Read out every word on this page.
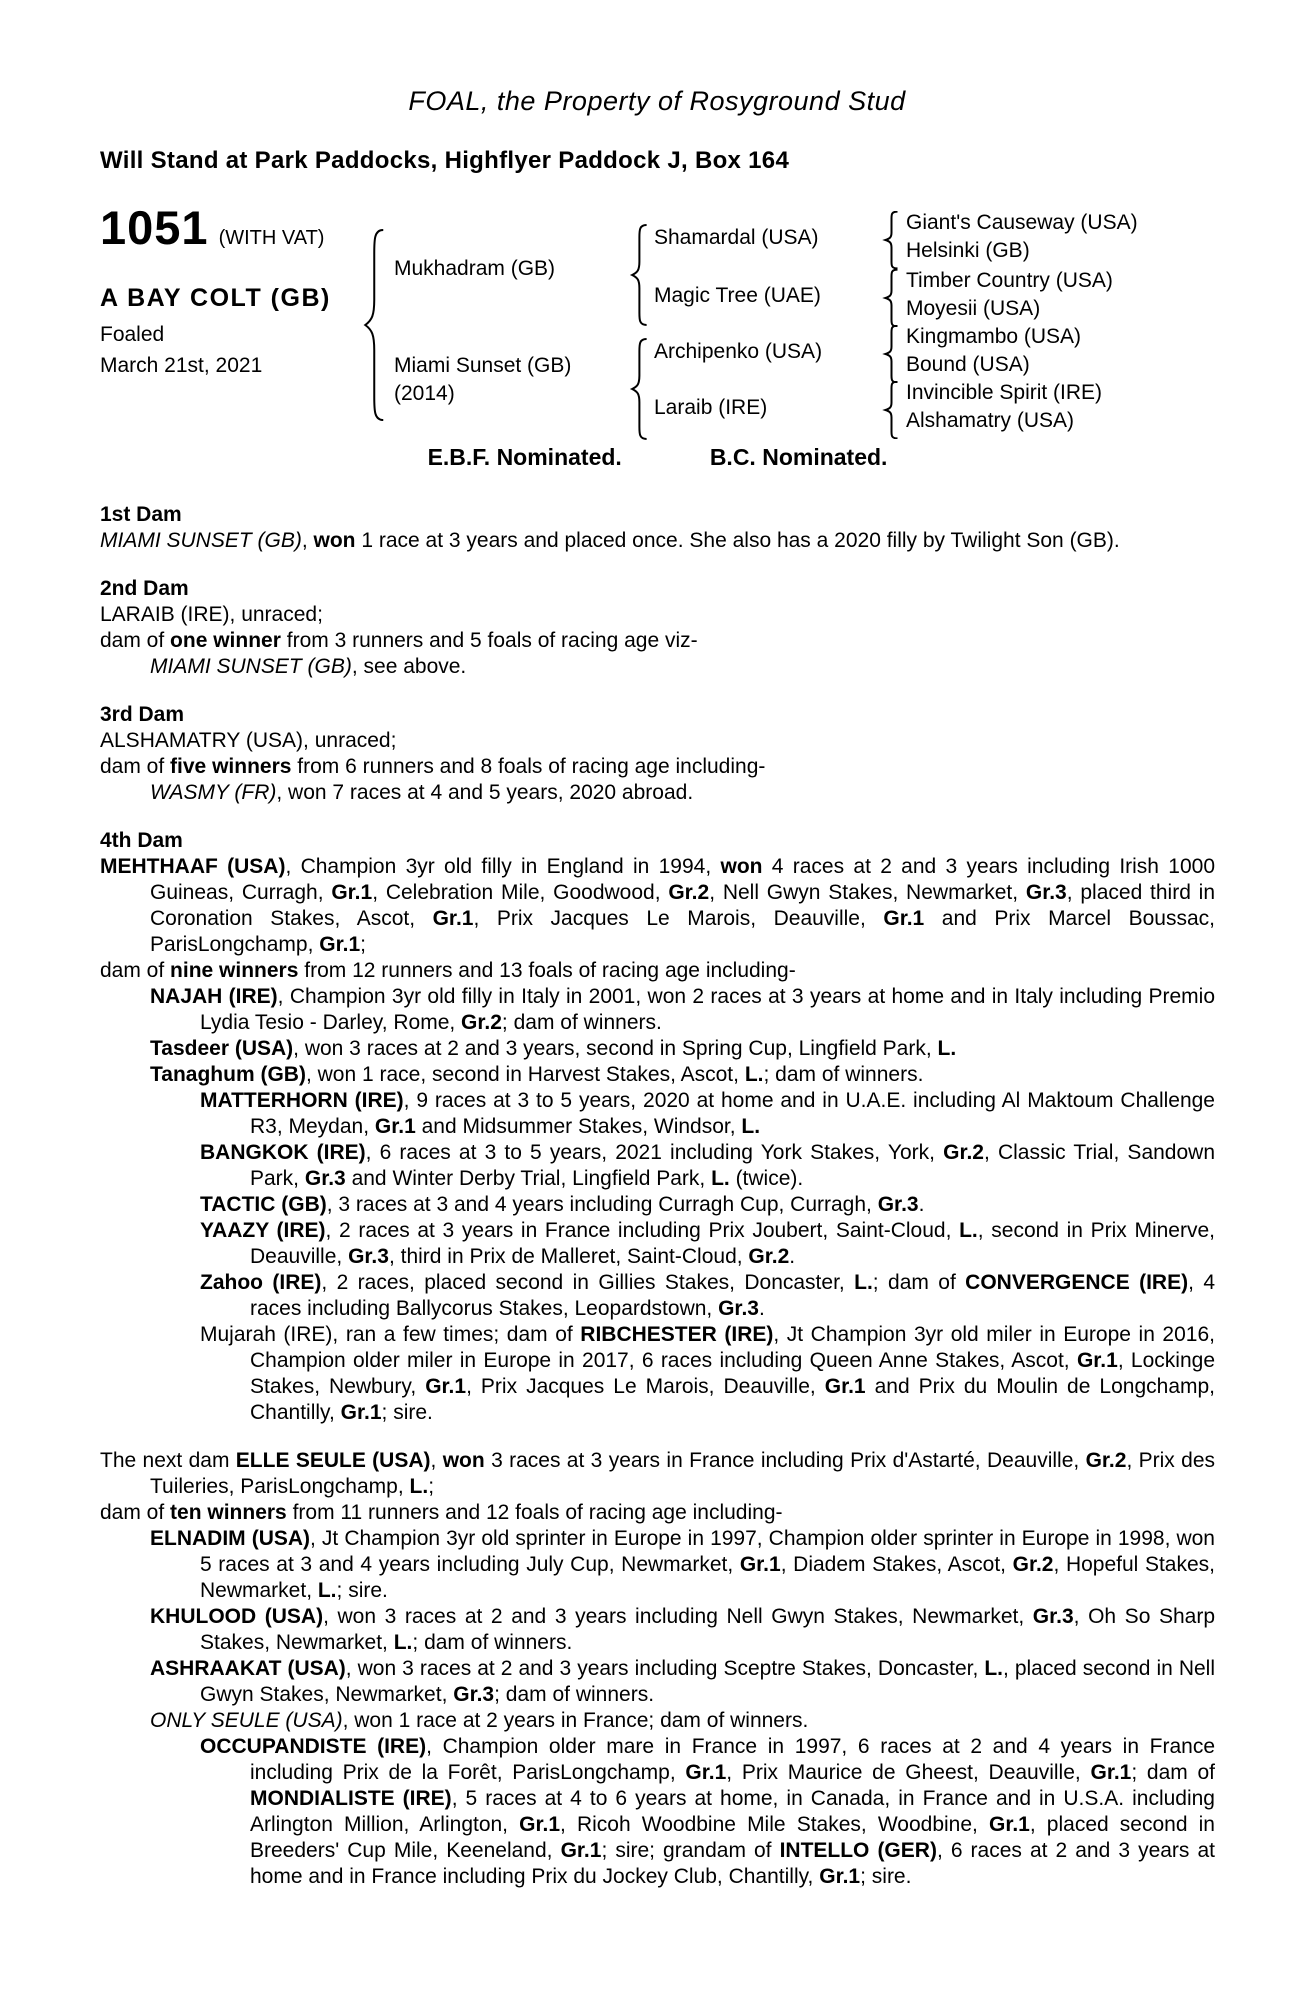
FOAL, the Property of Rosyground Stud
Will Stand at Park Paddocks, Highflyer Paddock J, Box 164
1051 (WITH VAT)
A BAY COLT (GB)
Foaled
March 21st, 2021
Mukhadram (GB)
Miami Sunset (GB)
(2014)
Shamardal (USA)
Magic Tree (UAE)
Archipenko (USA)
Laraib (IRE)
Giant's Causeway (USA)
Helsinki (GB)
Timber Country (USA)
Moyesii (USA)
Kingmambo (USA)
Bound (USA)
Invincible Spirit (IRE)
Alshamatry (USA)
E.B.F. Nominated.	B.C. Nominated.
1st Dam

MIAMI SUNSET (GB), won 1 race at 3 years and placed once. She also has a 2020 filly by Twilight Son (GB).

2nd Dam

LARAIB (IRE), unraced;

dam of one winner from 3 runners and 5 foals of racing age viz-

MIAMI SUNSET (GB), see above.

3rd Dam

ALSHAMATRY (USA), unraced;

dam of five winners from 6 runners and 8 foals of racing age including-

WASMY (FR), won 7 races at 4 and 5 years, 2020 abroad.

4th Dam

MEHTHAAF (USA), Champion 3yr old filly in England in 1994, won 4 races at 2 and 3 years including Irish 1000 Guineas, Curragh, Gr.1, Celebration Mile, Goodwood, Gr.2, Nell Gwyn Stakes, Newmarket, Gr.3, placed third in Coronation Stakes, Ascot, Gr.1, Prix Jacques Le Marois, Deauville, Gr.1 and Prix Marcel Boussac, ParisLongchamp, Gr.1;

dam of nine winners from 12 runners and 13 foals of racing age including-

NAJAH (IRE), Champion 3yr old filly in Italy in 2001, won 2 races at 3 years at home and in Italy including Premio Lydia Tesio - Darley, Rome, Gr.2; dam of winners.

Tasdeer (USA), won 3 races at 2 and 3 years, second in Spring Cup, Lingfield Park, L.

Tanaghum (GB), won 1 race, second in Harvest Stakes, Ascot, L.; dam of winners.

MATTERHORN (IRE), 9 races at 3 to 5 years, 2020 at home and in U.A.E. including Al Maktoum Challenge R3, Meydan, Gr.1 and Midsummer Stakes, Windsor, L.

BANGKOK (IRE), 6 races at 3 to 5 years, 2021 including York Stakes, York, Gr.2, Classic Trial, Sandown Park, Gr.3 and Winter Derby Trial, Lingfield Park, L. (twice).

TACTIC (GB), 3 races at 3 and 4 years including Curragh Cup, Curragh, Gr.3.

YAAZY (IRE), 2 races at 3 years in France including Prix Joubert, Saint-Cloud, L., second in Prix Minerve, Deauville, Gr.3, third in Prix de Malleret, Saint-Cloud, Gr.2.

Zahoo (IRE), 2 races, placed second in Gillies Stakes, Doncaster, L.; dam of CONVERGENCE (IRE), 4 races including Ballycorus Stakes, Leopardstown, Gr.3.

Mujarah (IRE), ran a few times; dam of RIBCHESTER (IRE), Jt Champion 3yr old miler in Europe in 2016, Champion older miler in Europe in 2017, 6 races including Queen Anne Stakes, Ascot, Gr.1, Lockinge Stakes, Newbury, Gr.1, Prix Jacques Le Marois, Deauville, Gr.1 and Prix du Moulin de Longchamp, Chantilly, Gr.1; sire.

The next dam ELLE SEULE (USA), won 3 races at 3 years in France including Prix d'Astarté, Deauville, Gr.2, Prix des Tuileries, ParisLongchamp, L.;

dam of ten winners from 11 runners and 12 foals of racing age including-

ELNADIM (USA), Jt Champion 3yr old sprinter in Europe in 1997, Champion older sprinter in Europe in 1998, won 5 races at 3 and 4 years including July Cup, Newmarket, Gr.1, Diadem Stakes, Ascot, Gr.2, Hopeful Stakes, Newmarket, L.; sire.

KHULOOD (USA), won 3 races at 2 and 3 years including Nell Gwyn Stakes, Newmarket, Gr.3, Oh So Sharp Stakes, Newmarket, L.; dam of winners.

ASHRAAKAT (USA), won 3 races at 2 and 3 years including Sceptre Stakes, Doncaster, L., placed second in Nell Gwyn Stakes, Newmarket, Gr.3; dam of winners.

ONLY SEULE (USA), won 1 race at 2 years in France; dam of winners.

OCCUPANDISTE (IRE), Champion older mare in France in 1997, 6 races at 2 and 4 years in France including Prix de la Forêt, ParisLongchamp, Gr.1, Prix Maurice de Gheest, Deauville, Gr.1; dam of MONDIALISTE (IRE), 5 races at 4 to 6 years at home, in Canada, in France and in U.S.A. including Arlington Million, Arlington, Gr.1, Ricoh Woodbine Mile Stakes, Woodbine, Gr.1, placed second in Breeders' Cup Mile, Keeneland, Gr.1; sire; grandam of INTELLO (GER), 6 races at 2 and 3 years at home and in France including Prix du Jockey Club, Chantilly, Gr.1; sire.
